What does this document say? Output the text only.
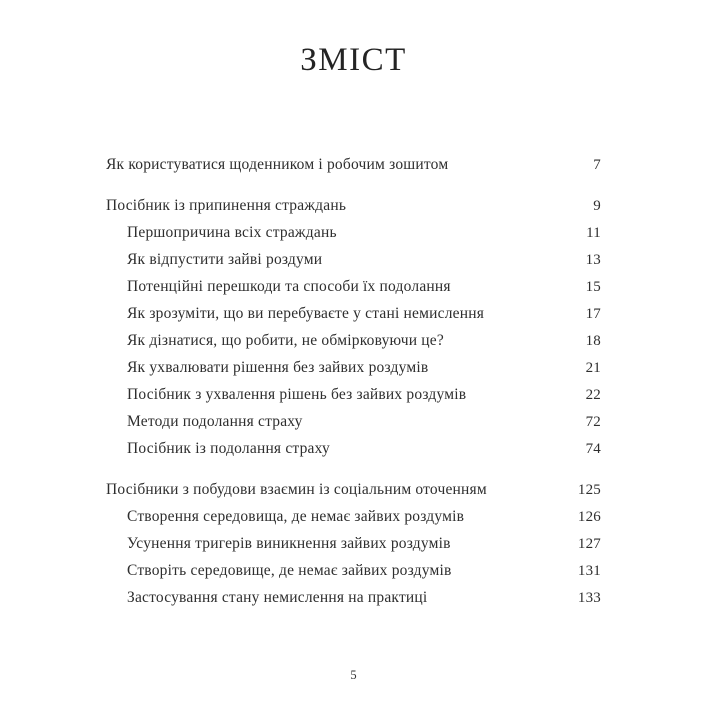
ЗМІСТ
Як користуватися щоденником і робочим зошитом	7
Посібник із припинення страждань	9
Першопричина всіх страждань	11
Як відпустити зайві роздуми	13
Потенційні перешкоди та способи їх подолання	15
Як зрозуміти, що ви перебуваєте у стані немислення	17
Як дізнатися, що робити, не обмірковуючи це?	18
Як ухвалювати рішення без зайвих роздумів	21
Посібник з ухвалення рішень без зайвих роздумів	22
Методи подолання страху	72
Посібник із подолання страху	74
Посібники з побудови взаємин із соціальним оточенням	125
Створення середовища, де немає зайвих роздумів	126
Усунення тригерів виникнення зайвих роздумів	127
Створіть середовище, де немає зайвих роздумів	131
Застосування стану немислення на практиці	133
5
